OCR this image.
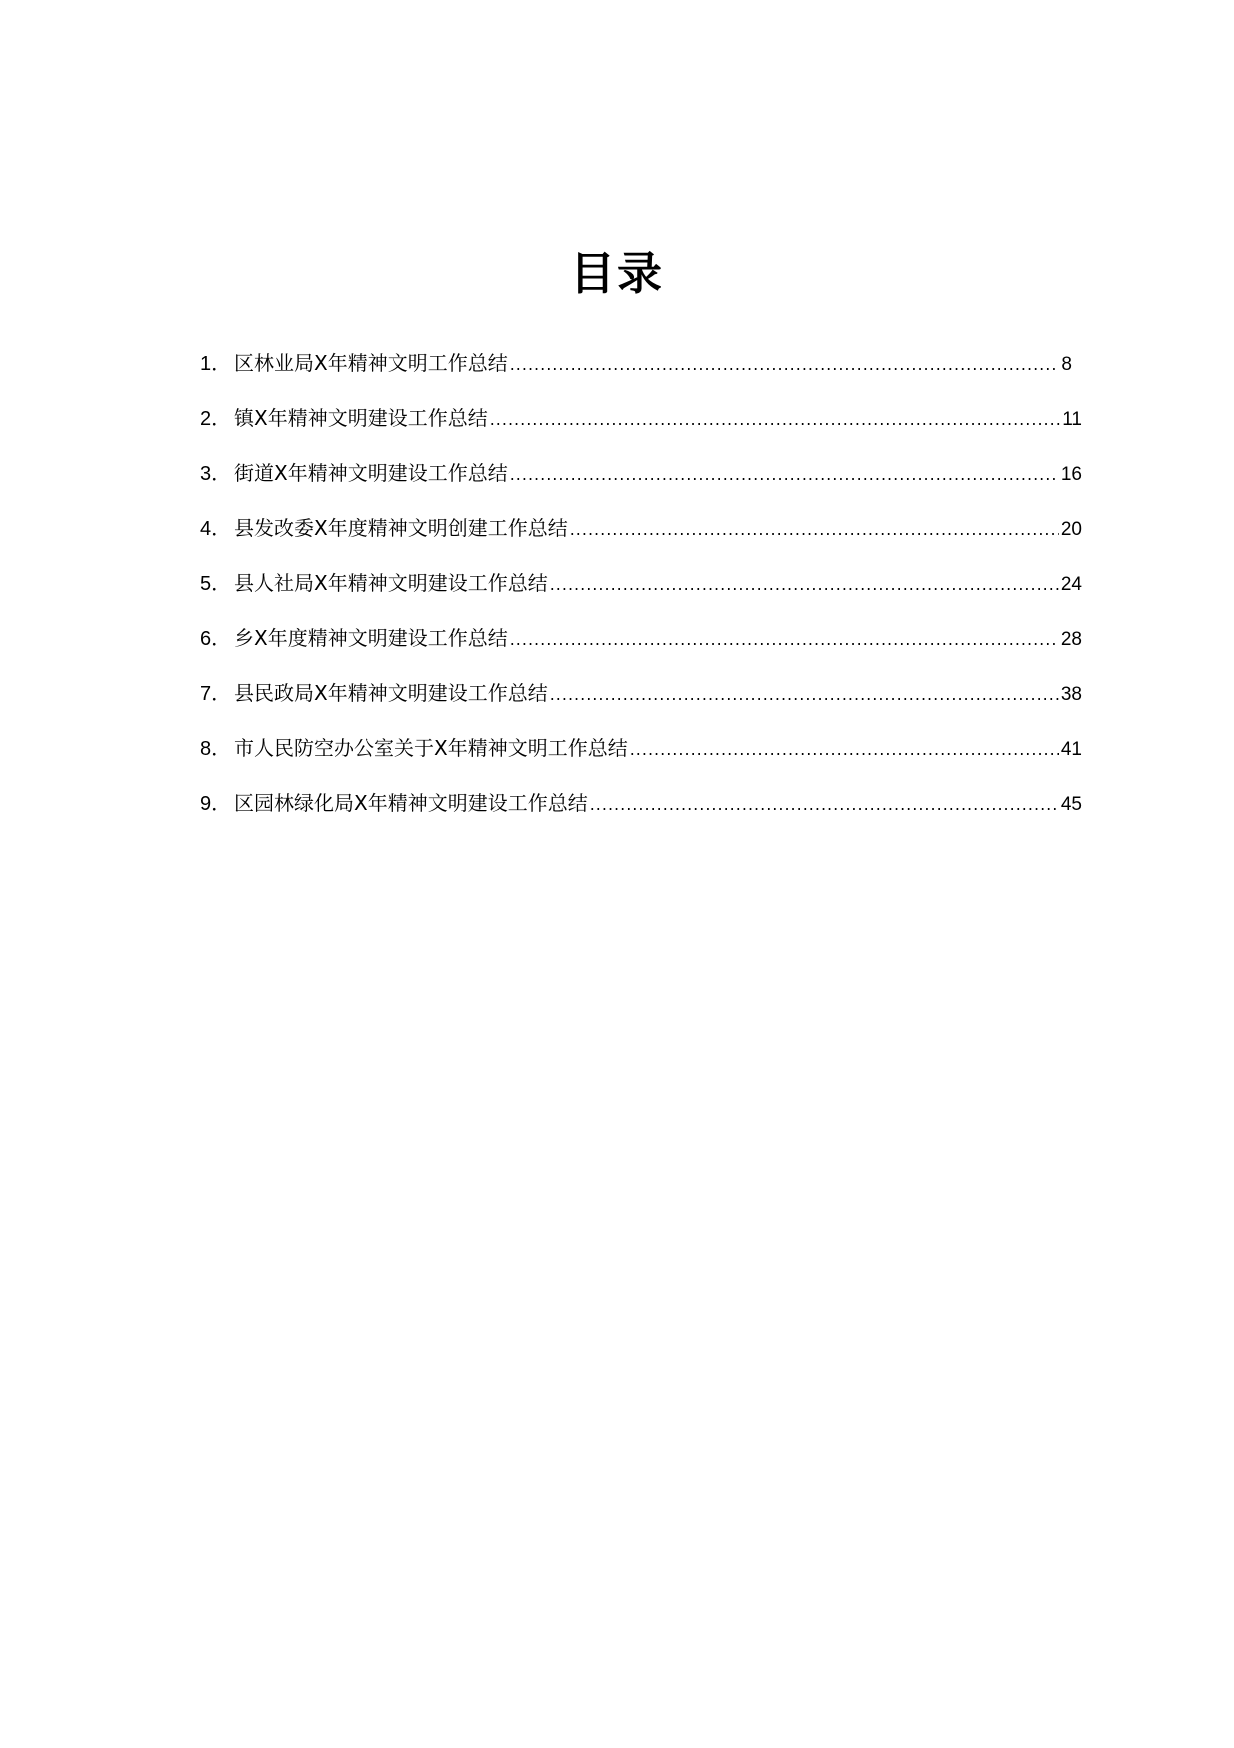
目录
1． 区林业局X年精神文明工作总结 .....	8
2． 镇X年精神文明建设工作总结 .....	11
3． 街道X年精神文明建设工作总结 .....	16
4． 县发改委X年度精神文明创建工作总结 .....	20
5． 县人社局X年精神文明建设工作总结 .....	24
6． 乡X年度精神文明建设工作总结 .....	28
7． 县民政局X年精神文明建设工作总结 .....	38
8． 市人民防空办公室关于X年精神文明工作总结 .....	41
9． 区园林绿化局X年精神文明建设工作总结 .....	45
